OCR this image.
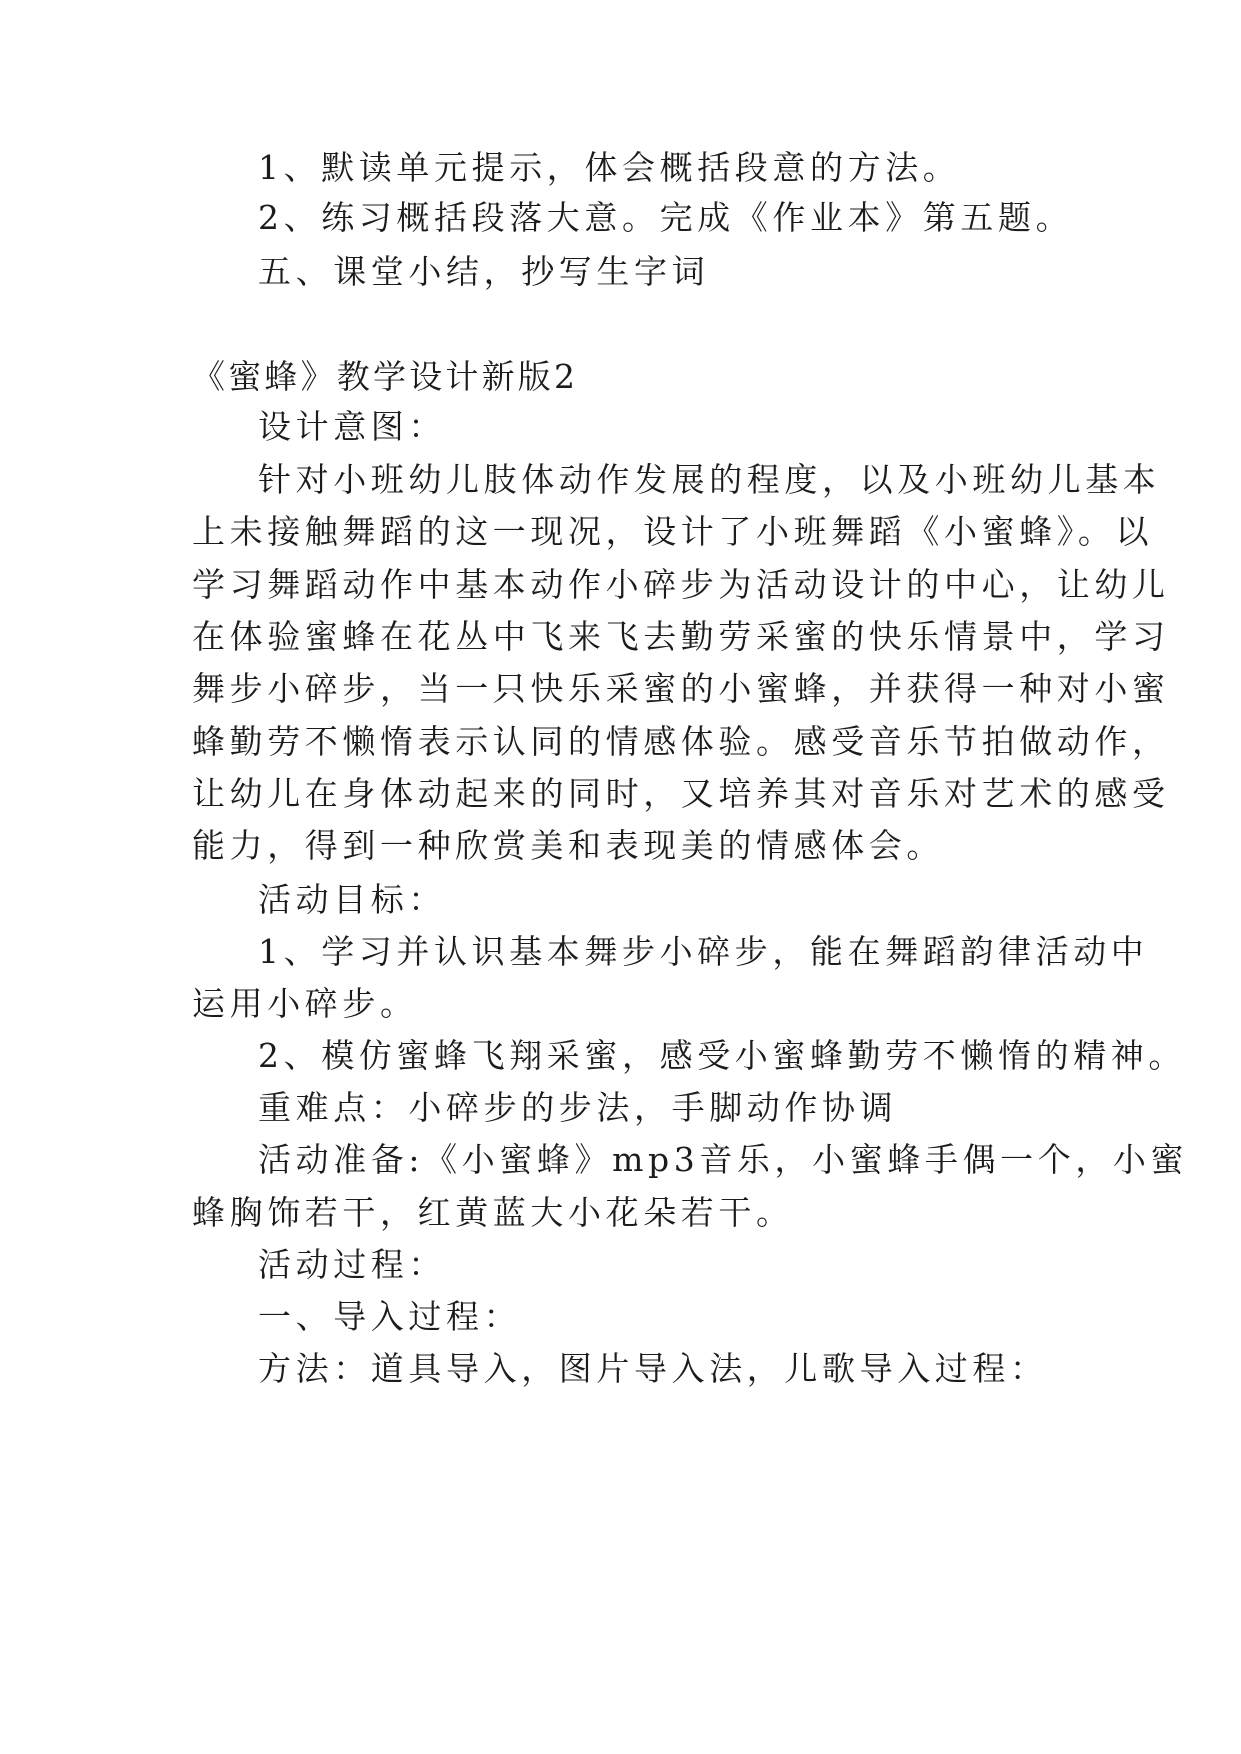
1、默读单元提示，体会概括段意的方法。
2、练习概括段落大意。完成《作业本》第五题。
五、课堂小结，抄写生字词
《蜜蜂》教学设计新版2
设计意图：
针对小班幼儿肢体动作发展的程度，以及小班幼儿基本
上未接触舞蹈的这一现况，设计了小班舞蹈《小蜜蜂》。以
学习舞蹈动作中基本动作小碎步为活动设计的中心，让幼儿
在体验蜜蜂在花丛中飞来飞去勤劳采蜜的快乐情景中，学习
舞步小碎步，当一只快乐采蜜的小蜜蜂，并获得一种对小蜜
蜂勤劳不懒惰表示认同的情感体验。感受音乐节拍做动作，
让幼儿在身体动起来的同时，又培养其对音乐对艺术的感受
能力，得到一种欣赏美和表现美的情感体会。
活动目标：
1、学习并认识基本舞步小碎步，能在舞蹈韵律活动中
运用小碎步。
2、模仿蜜蜂飞翔采蜜，感受小蜜蜂勤劳不懒惰的精神。
重难点：小碎步的步法，手脚动作协调
活动准备:《小蜜蜂》mp3音乐，小蜜蜂手偶一个，小蜜
蜂胸饰若干，红黄蓝大小花朵若干。
活动过程：
一、导入过程：
方法：道具导入，图片导入法，儿歌导入过程：
